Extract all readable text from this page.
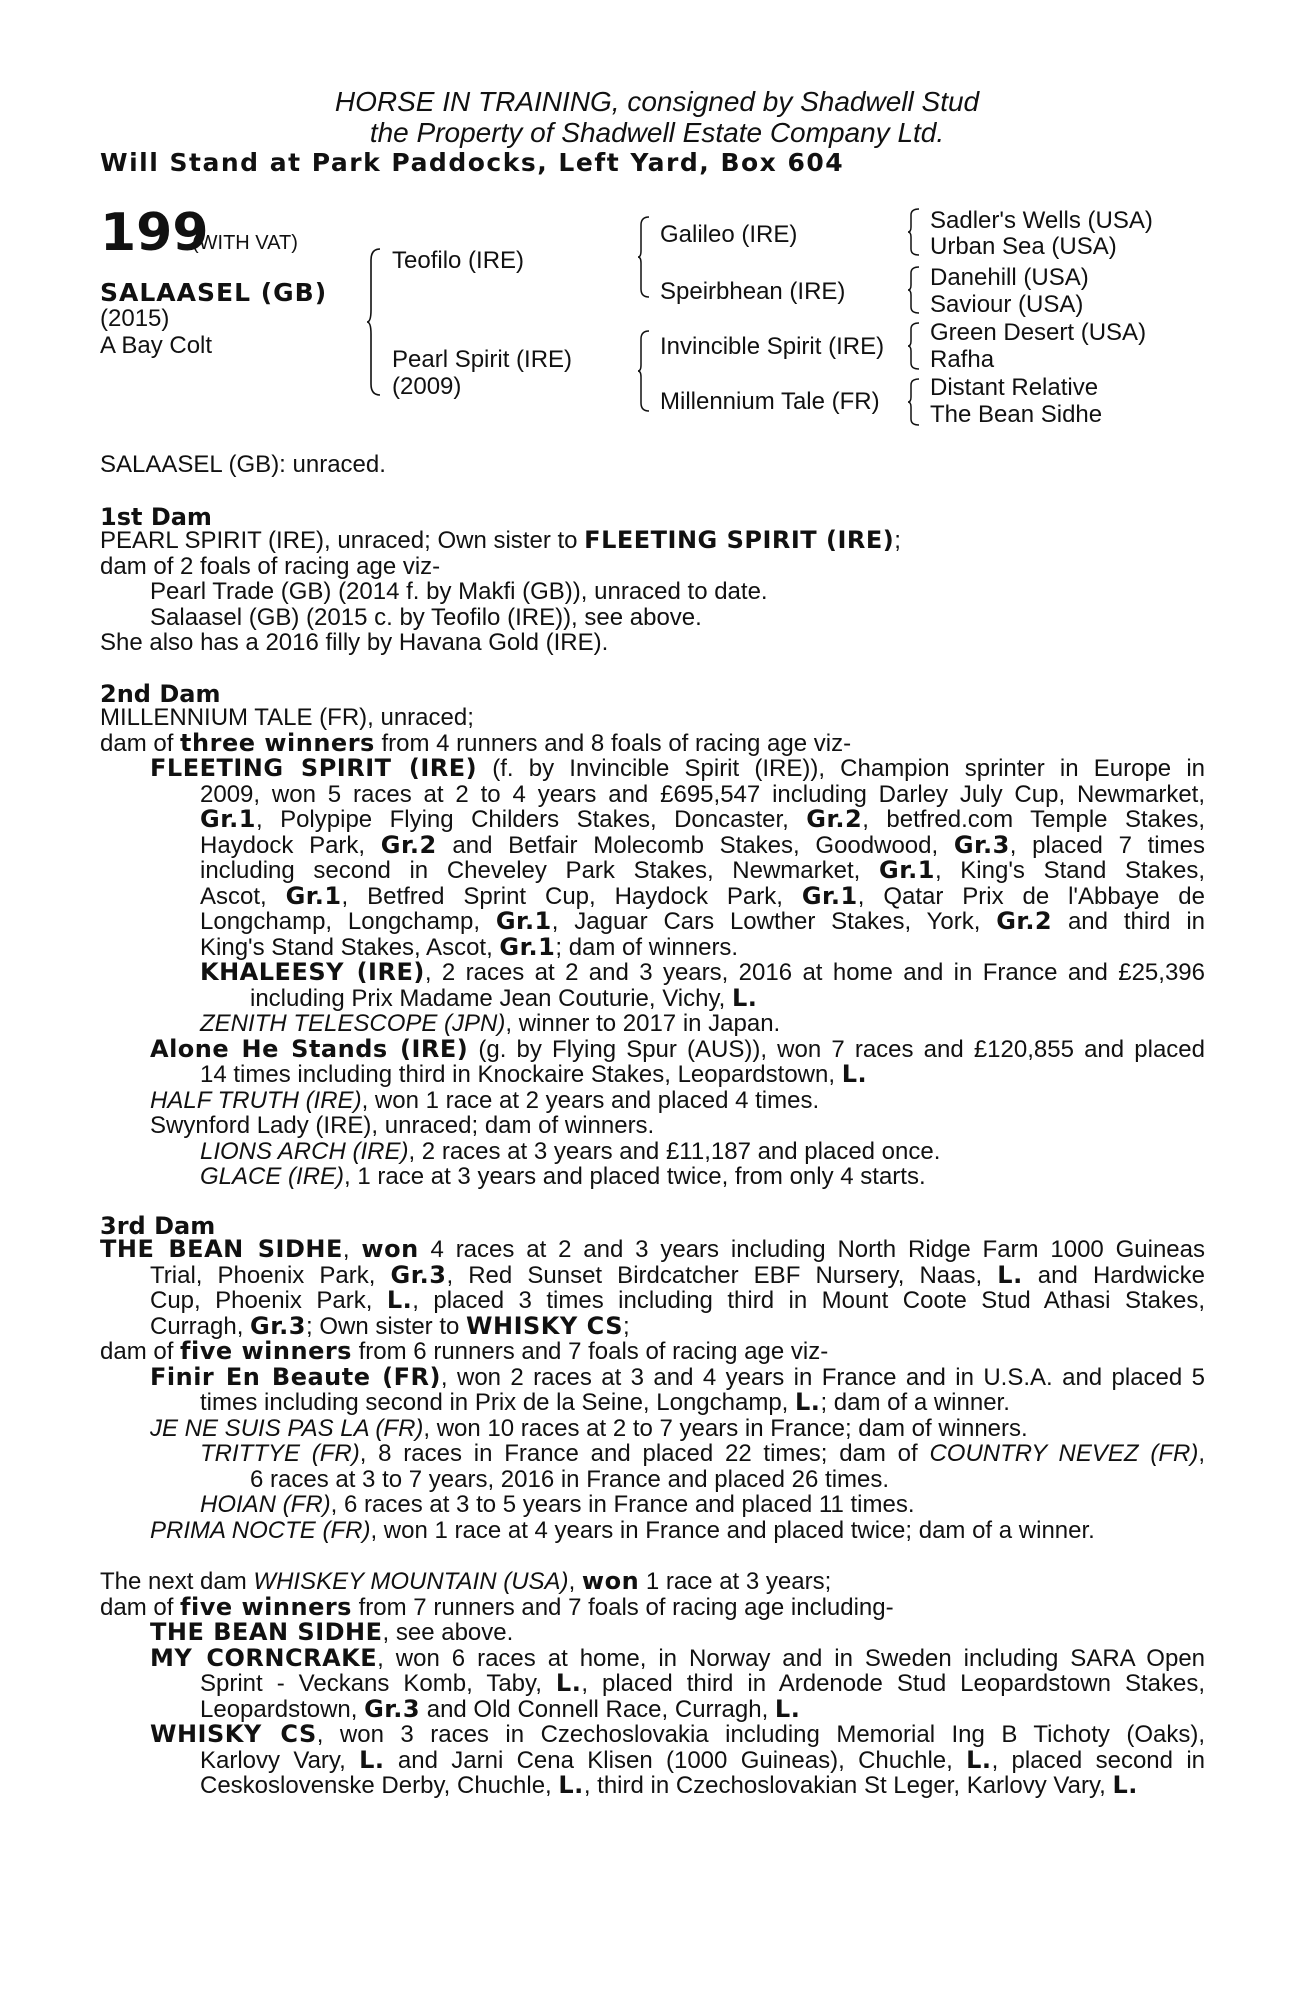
HORSE IN TRAINING, consigned by Shadwell Stud
the Property of Shadwell Estate Company Ltd.
Will Stand at Park Paddocks, Left Yard, Box 604
199
(WITH VAT)
SALAASEL (GB)
(2015)
A Bay Colt
Teofilo (IRE)
Pearl Spirit (IRE)
(2009)
Galileo (IRE)
Speirbhean (IRE)
Invincible Spirit (IRE)
Millennium Tale (FR)
Sadler's Wells (USA)
Urban Sea (USA)
Danehill (USA)
Saviour (USA)
Green Desert (USA)
Rafha
Distant Relative
The Bean Sidhe
SALAASEL (GB): unraced.
1st Dam
PEARL SPIRIT (IRE), unraced; Own sister to FLEETING SPIRIT (IRE);
dam of 2 foals of racing age viz-
Pearl Trade (GB) (2014 f. by Makfi (GB)), unraced to date.
Salaasel (GB) (2015 c. by Teofilo (IRE)), see above.
She also has a 2016 filly by Havana Gold (IRE).
2nd Dam
MILLENNIUM TALE (FR), unraced;
dam of three winners from 4 runners and 8 foals of racing age viz-
FLEETING SPIRIT (IRE) (f. by Invincible Spirit (IRE)), Champion sprinter in Europe in
2009, won 5 races at 2 to 4 years and £695,547 including Darley July Cup, Newmarket,
Gr.1, Polypipe Flying Childers Stakes, Doncaster, Gr.2, betfred.com Temple Stakes,
Haydock Park, Gr.2 and Betfair Molecomb Stakes, Goodwood, Gr.3, placed 7 times
including second in Cheveley Park Stakes, Newmarket, Gr.1, King's Stand Stakes,
Ascot, Gr.1, Betfred Sprint Cup, Haydock Park, Gr.1, Qatar Prix de l'Abbaye de
Longchamp, Longchamp, Gr.1, Jaguar Cars Lowther Stakes, York, Gr.2 and third in
King's Stand Stakes, Ascot, Gr.1; dam of winners.
KHALEESY (IRE), 2 races at 2 and 3 years, 2016 at home and in France and £25,396
including Prix Madame Jean Couturie, Vichy, L.
ZENITH TELESCOPE (JPN), winner to 2017 in Japan.
Alone He Stands (IRE) (g. by Flying Spur (AUS)), won 7 races and £120,855 and placed
14 times including third in Knockaire Stakes, Leopardstown, L.
HALF TRUTH (IRE), won 1 race at 2 years and placed 4 times.
Swynford Lady (IRE), unraced; dam of winners.
LIONS ARCH (IRE), 2 races at 3 years and £11,187 and placed once.
GLACE (IRE), 1 race at 3 years and placed twice, from only 4 starts.
3rd Dam
THE BEAN SIDHE, won 4 races at 2 and 3 years including North Ridge Farm 1000 Guineas
Trial, Phoenix Park, Gr.3, Red Sunset Birdcatcher EBF Nursery, Naas, L. and Hardwicke
Cup, Phoenix Park, L., placed 3 times including third in Mount Coote Stud Athasi Stakes,
Curragh, Gr.3; Own sister to WHISKY CS;
dam of five winners from 6 runners and 7 foals of racing age viz-
Finir En Beaute (FR), won 2 races at 3 and 4 years in France and in U.S.A. and placed 5
times including second in Prix de la Seine, Longchamp, L.; dam of a winner.
JE NE SUIS PAS LA (FR), won 10 races at 2 to 7 years in France; dam of winners.
TRITTYE (FR), 8 races in France and placed 22 times; dam of COUNTRY NEVEZ (FR),
6 races at 3 to 7 years, 2016 in France and placed 26 times.
HOIAN (FR), 6 races at 3 to 5 years in France and placed 11 times.
PRIMA NOCTE (FR), won 1 race at 4 years in France and placed twice; dam of a winner.
The next dam WHISKEY MOUNTAIN (USA), won 1 race at 3 years;
dam of five winners from 7 runners and 7 foals of racing age including-
THE BEAN SIDHE, see above.
MY CORNCRAKE, won 6 races at home, in Norway and in Sweden including SARA Open
Sprint - Veckans Komb, Taby, L., placed third in Ardenode Stud Leopardstown Stakes,
Leopardstown, Gr.3 and Old Connell Race, Curragh, L.
WHISKY CS, won 3 races in Czechoslovakia including Memorial Ing B Tichoty (Oaks),
Karlovy Vary, L. and Jarni Cena Klisen (1000 Guineas), Chuchle, L., placed second in
Ceskoslovenske Derby, Chuchle, L., third in Czechoslovakian St Leger, Karlovy Vary, L.
